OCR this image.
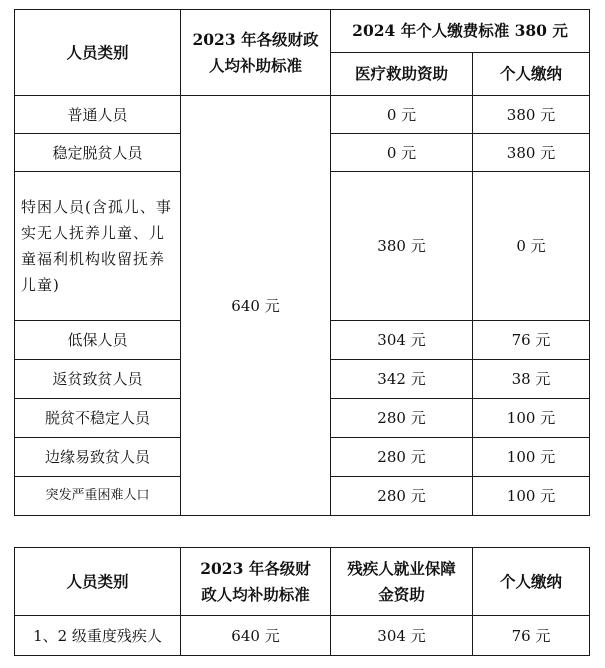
人员类别	2023 年各级财政人均补助标准	2024 年个人缴费标准 380 元	
		医疗救助资助	个人缴纳
普通人员	640 元	0 元	380 元
稳定脱贫人员		0 元	380 元
特困人员(含孤儿、事实无人抚养儿童、儿童福利机构收留抚养儿童)		380 元	0 元
低保人员		304 元	76 元
返贫致贫人员		342 元	38 元
脱贫不稳定人员		280 元	100 元
边缘易致贫人员		280 元	100 元
突发严重困难人口		280 元	100 元
人员类别	2023 年各级财政人均补助标准	残疾人就业保障金资助	个人缴纳
1、2 级重度残疾人	640 元	304 元	76 元
